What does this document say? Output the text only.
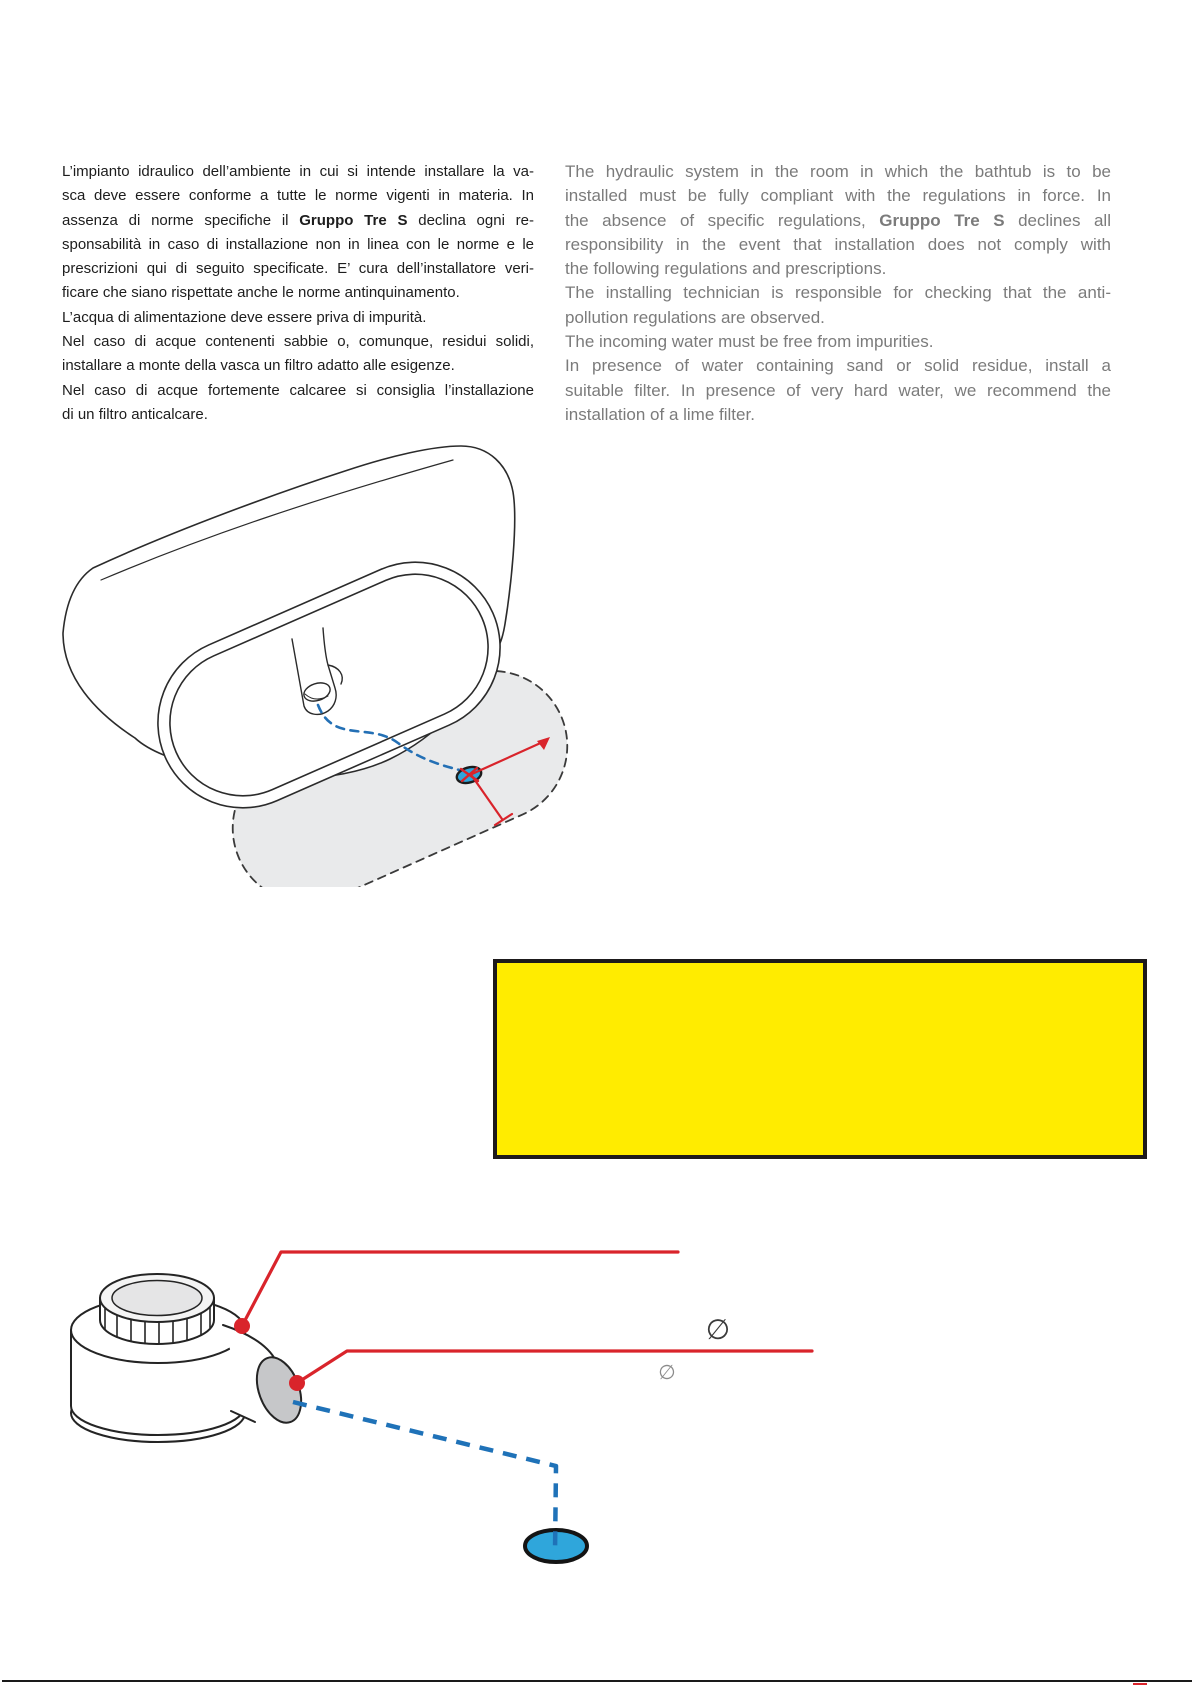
L’impianto idraulico dell’ambiente in cui si intende installare la va-
sca deve essere conforme a tutte le norme vigenti in materia. In
assenza di norme specifiche il Gruppo Tre S declina ogni re-
sponsabilità in caso di installazione non in linea con le norme e le
prescrizioni qui di seguito specificate. E’ cura dell’installatore veri-
ficare che siano rispettate anche le norme antinquinamento.
L’acqua di alimentazione deve essere priva di impurità.
Nel caso di acque contenenti sabbie o, comunque, residui solidi,
installare a monte della vasca un filtro adatto alle esigenze.
Nel caso di acque fortemente calcaree si consiglia l’installazione
di un filtro anticalcare.
The hydraulic system in the room in which the bathtub is to be
installed must be fully compliant with the regulations in force. In
the absence of specific regulations, Gruppo Tre S declines all
responsibility in the event that installation does not comply with
the following regulations and prescriptions.
The installing technician is responsible for checking that the anti-
pollution regulations are observed.
The incoming water must be free from impurities.
In presence of water containing sand or solid residue, install a
suitable filter. In presence of very hard water, we recommend the
installation of a lime filter.
∅
∅
